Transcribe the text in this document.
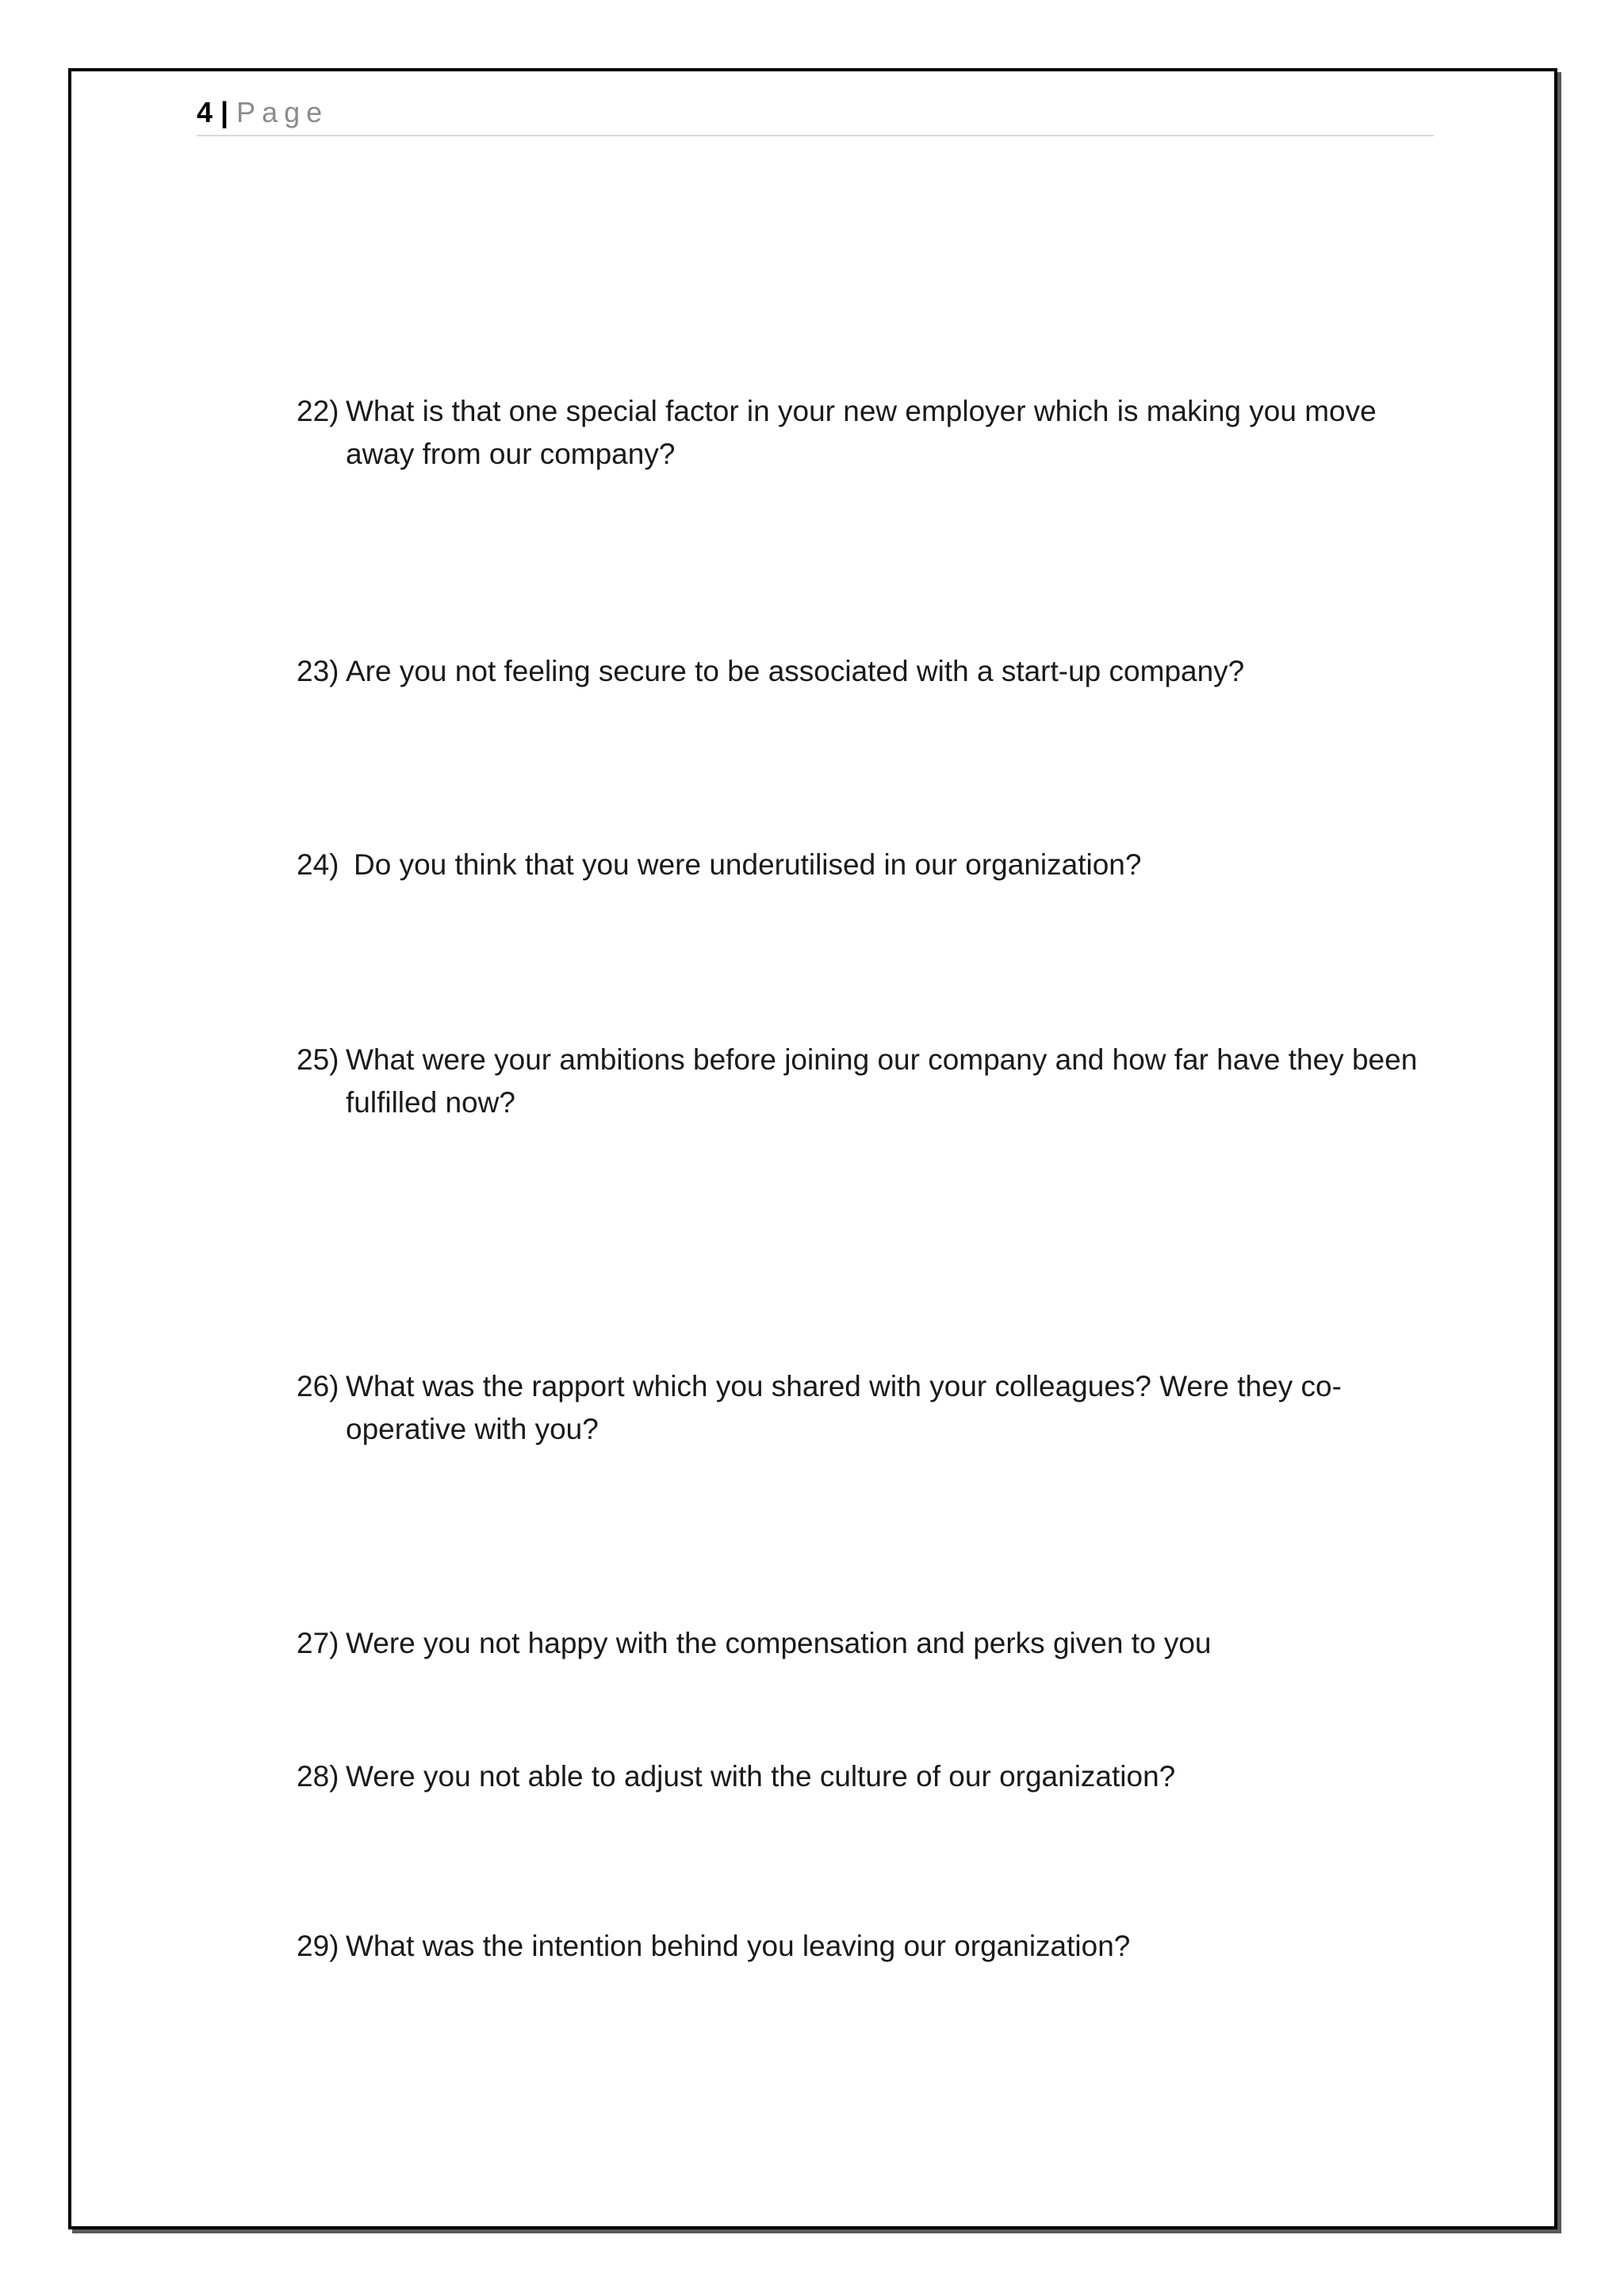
4 | Page
22) What is that one special factor in your new employer which is making you move away from our company?
23) Are you not feeling secure to be associated with a start-up company?
24) Do you think that you were underutilised in our organization?
25) What were your ambitions before joining our company and how far have they been fulfilled now?
26) What was the rapport which you shared with your colleagues? Were they co-operative with you?
27) Were you not happy with the compensation and perks given to you
28) Were you not able to adjust with the culture of our organization?
29) What was the intention behind you leaving our organization?
